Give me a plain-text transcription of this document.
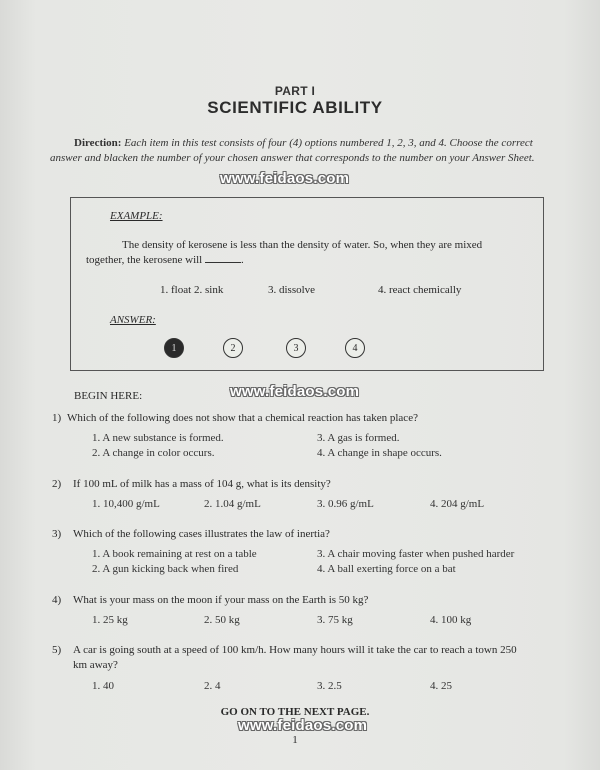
PART I
SCIENTIFIC ABILITY
Direction: Each item in this test consists of four (4) options numbered 1, 2, 3, and 4. Choose the correct answer and blacken the number of your chosen answer that corresponds to the number on your Answer Sheet.
www.feidaos.com
EXAMPLE:
The density of kerosene is less than the density of water. So, when they are mixed together, the kerosene will	.
1. float 2. sink	3. dissolve	4. react chemically
ANSWER:
1	2	3	4
www.feidaos.com
BEGIN HERE:
1) Which of the following does not show that a chemical reaction has taken place?
1. A new substance is formed.	3. A gas is formed.
2. A change in color occurs.	4. A change in shape occurs.
2) If 100 mL of milk has a mass of 104 g, what is its density?
1. 10,400 g/mL	2. 1.04 g/mL	3. 0.96 g/mL	4. 204 g/mL
3) Which of the following cases illustrates the law of inertia?
1. A book remaining at rest on a table	3. A chair moving faster when pushed harder
2. A gun kicking back when fired	4. A ball exerting force on a bat
4) What is your mass on the moon if your mass on the Earth is 50 kg?
1. 25 kg	2. 50 kg	3. 75 kg	4. 100 kg
5) A car is going south at a speed of 100 km/h. How many hours will it take the car to reach a town 250
km away?
1. 40	2. 4	3. 2.5	4. 25
GO ON TO THE NEXT PAGE.
www.feidaos.com
1
